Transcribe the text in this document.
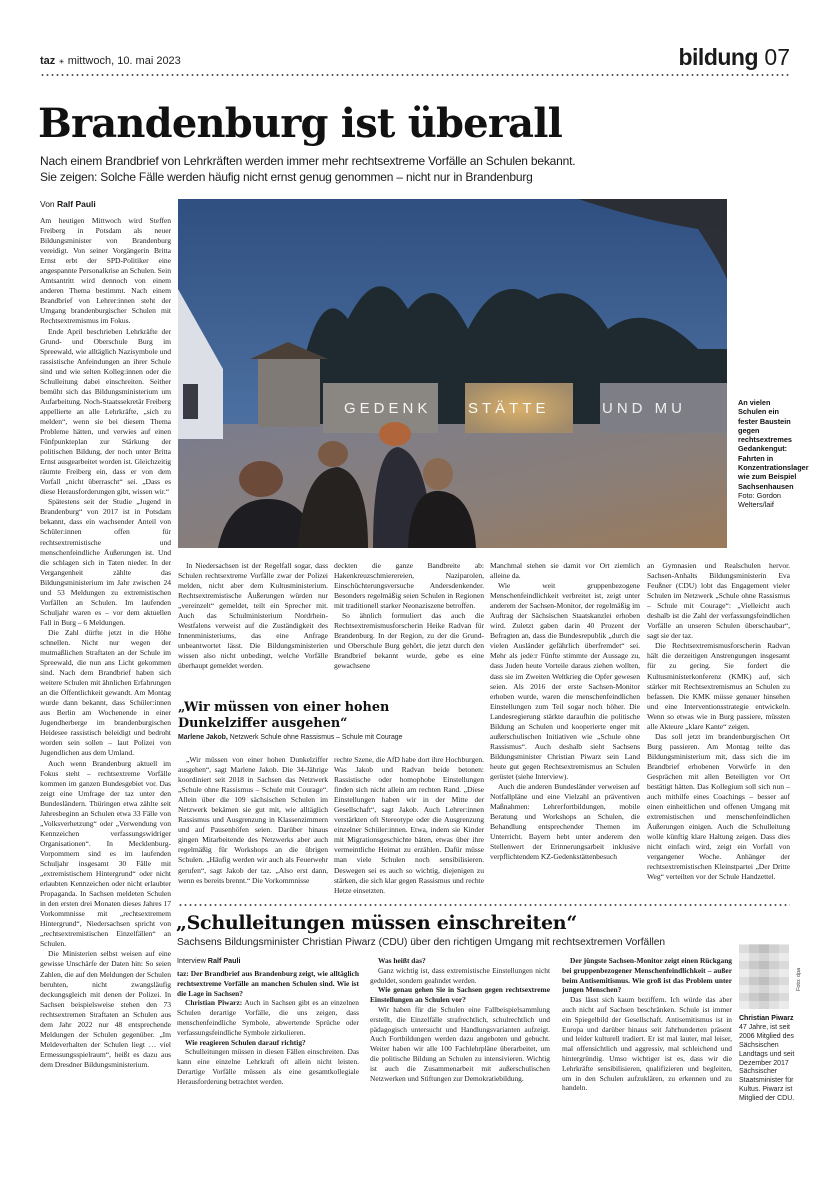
taz ☀ mittwoch, 10. mai 2023	bildung 07
Brandenburg ist überall
Nach einem Brandbrief von Lehrkräften werden immer mehr rechtsextreme Vorfälle an Schulen bekannt.
Sie zeigen: Solche Fälle werden häufig nicht ernst genug genommen – nicht nur in Brandenburg
Von Ralf Pauli

Am heutigen Mittwoch wird Steffen Freiberg in Potsdam als neuer Bildungsminister von Brandenburg vereidigt. Von seiner Vorgängerin Britta Ernst erbt der SPD-Politiker eine angespannte Personalkrise an Schulen. Sein Amtsantritt wird dennoch von einem anderen Thema bestimmt. Nach einem Brandbrief von Lehrer:innen steht der Umgang brandenburgischer Schulen mit Rechtsextremismus im Fokus.

Ende April beschrieben Lehrkräfte der Grund- und Oberschule Burg im Spreewald, wie alltäglich Nazisymbole und rassistische Anfeindungen an ihrer Schule sind und wie selten Kolleg:innen oder die Schulleitung dabei einschreiten. Seither bemüht sich das Bildungsministerium um Aufarbeitung. Noch-Staatssekretär Freiberg appellierte an alle Lehrkräfte, „sich zu melden“, wenn sie bei diesem Thema Probleme hätten, und verwies auf einen Fünfpunkteplan zur Stärkung der politischen Bildung, der noch unter Britta Ernst ausgearbeitet worden ist. Gleichzeitig räumte Freiberg ein, dass er von dem Vorfall „nicht überrascht“ sei. „Dass es diese Herausforderungen gibt, wissen wir.“

Spätestens seit der Studie „Jugend in Brandenburg“ von 2017 ist in Potsdam bekannt, dass ein wachsender Anteil von Schüler:innen offen für rechtsextremistische und menschenfeindliche Äußerungen ist. Und die schlagen sich in Taten nieder. In der Vergangenheit zählte das Bildungsministerium im Jahr zwischen 24 und 53 Meldungen zu extremistischen Vorfällen an Schulen. Im laufenden Schuljahr waren es – vor dem aktuellen Fall in Burg – 6 Meldungen.

Die Zahl dürfte jetzt in die Höhe schnellen. Nicht nur wegen der mutmaßlichen Straftaten an der Schule im Spreewald, die nun ans Licht gekommen sind. Nach dem Brandbrief haben sich weitere Schulen mit ähnlichen Erfahrungen an die Öffentlichkeit gewandt. Am Montag wurde dann bekannt, dass Schüler:innen aus Berlin am Wochenende in einer Jugendherberge im brandenburgischen Heidesee rassistisch beleidigt und bedroht worden sein sollen – laut Polizei von Jugendlichen aus dem Umland.

Auch wenn Brandenburg aktuell im Fokus steht – rechtsextreme Vorfälle kommen im ganzen Bundesgebiet vor. Das zeigt eine Umfrage der taz unter den Bundesländern. Thüringen etwa zählte seit Jahresbeginn an Schulen etwa 33 Fälle von „Volksverhetzung“ oder „Verwendung von Kennzeichen verfassungswidriger Organisationen“. In Mecklenburg-Vorpommern sind es im laufenden Schuljahr insgesamt 30 Fälle mit „extremistischem Hintergrund“ oder nicht erlaubten Kennzeichen oder nicht erlaubter Propaganda. In Sachsen meldeten Schulen in den ersten drei Monaten dieses Jahres 17 Vorkommnisse mit „rechtsextremem Hintergrund“, Niedersachsen spricht von „rechtsextremistischen Einzelfällen“ an Schulen.

Die Ministerien selbst weisen auf eine gewisse Unschärfe der Daten hin: So seien Zahlen, die auf den Meldungen der Schulen beruhten, nicht zwangsläufig deckungsgleich mit denen der Polizei. In Sachsen beispielsweise stehen den 73 rechtsextremen Straftaten an Schulen aus dem Jahr 2022 nur 48 entsprechende Meldungen der Schulen gegenüber. „Im Meldeverhalten der Schulen liegt … viel Ermessungsspielraum“, heißt es dazu aus dem Dresdner Bildungsministerium.

GEDENK STÄTTE	UND MU	An vielen Schulen ein fester Baustein gegen rechtsextremes Gedankengut: Fahrten in Konzentrationslager wie zum Beispiel Sachsenhausen
Foto: Gordon Welters/laif

In Niedersachsen ist der Regelfall sogar, dass Schulen rechtsextreme Vorfälle zwar der Polizei melden, nicht aber dem Kultusministerium. Rechtsextremistische Äußerungen würden nur „vereinzelt“ gemeldet, teilt ein Sprecher mit. Auch das Schulministerium Nordrhein-Westfalens verweist auf die Zuständigkeit des Innenministeriums, das eine Anfrage unbeantwortet lässt. Die Bildungsministerien wissen also nicht unbedingt, welche Vorfälle überhaupt gemeldet werden.

deckten die ganze Bandbreite ab: Hakenkreuzschmierereien, Naziparolen, Einschüchterungsversuche Andersdenkender. Besonders regelmäßig seien Schulen in Regionen mit traditionell starker Neonaziszene betroffen.

So ähnlich formuliert das auch die Rechtsextremismusforscherin Heike Radvan für Brandenburg. In der Region, zu der die Grund- und Oberschule Burg gehört, die jetzt durch den Brandbrief bekannt wurde, gebe es eine gewachsene

Manchmal stehen sie damit vor Ort ziemlich alleine da.

Wie weit gruppenbezogene Menschenfeindlichkeit verbreitet ist, zeigt unter anderem der Sachsen-Monitor, der regelmäßig im Auftrag der Sächsischen Staatskanzlei erhoben wird. Zuletzt gaben darin 40 Prozent der Befragten an, dass die Bundesrepublik „durch die vielen Ausländer gefährlich überfremdet“ sei. Mehr als jede:r Fünfte stimmte der Aussage zu, dass Juden heute Vorteile daraus ziehen wollten, dass sie im Zweiten Weltkrieg die Opfer gewesen seien. Als 2016 der erste Sachsen-Monitor erhoben wurde, waren die menschenfeindlichen Einstellungen zum Teil sogar noch höher. Die Landesregierung stärkte daraufhin die politische Bildung an Schulen und kooperierte enger mit außerschulischen Initiativen wie „Schule ohne Rassismus“. Auch deshalb sieht Sachsens Bildungsminister Christian Piwarz sein Land heute gut gegen Rechtsextremismus an Schulen gerüstet (siehe Interview).

Auch die anderen Bundesländer verweisen auf Notfallpläne und eine Vielzahl an präventiven Maßnahmen: Lehrerfortbildungen, mobile Beratung und Workshops an Schulen, die Behandlung entsprechender Themen im Unterricht. Bayern hebt unter anderem den Stellenwert der Erinnerungsarbeit inklusive verpflichtendem KZ-Gedenkstättenbesuch

an Gymnasien und Realschulen hervor. Sachsen-Anhalts Bildungsministerin Eva Feußner (CDU) lobt das Engagement vieler Schulen im Netzwerk „Schule ohne Rassismus – Schule mit Courage“: „Vielleicht auch deshalb ist die Zahl der verfassungsfeindlichen Vorfälle an unseren Schulen überschaubar“, sagt sie der taz.

Die Rechtsextremismusforscherin Radvan hält die derzeitigen Anstrengungen insgesamt für zu gering. Sie fordert die Kultusministerkonferenz (KMK) auf, sich stärker mit Rechtsextremismus an Schulen zu befassen. Die KMK müsse genauer hinsehen und eine Interventionsstrategie entwickeln. Wenn so etwas wie in Burg passiere, müssten alle Akteure „klare Kante“ zeigen.

Das soll jetzt im brandenburgischen Ort Burg passieren. Am Montag teilte das Bildungsministerium mit, dass sich die im Brandbrief erhobenen Vorwürfe in den Gesprächen mit allen Beteiligten vor Ort bestätigt hätten. Das Kollegium soll sich nun – auch mithilfe eines Coachings – besser auf einen einheitlichen und offenen Umgang mit extremistischen und menschenfeindlichen Äußerungen einigen. Auch die Schulleitung wolle künftig klare Haltung zeigen. Dass dies nicht einfach wird, zeigt ein Vorfall von vergangener Woche. Anhänger der rechtsextremistischen Kleinstpartei „Der Dritte Weg“ verteilten vor der Schule Handzettel.

„Wir müssen von einer hohen Dunkelziffer ausgehen“
Marlene Jakob, Netzwerk Schule ohne Rassismus – Schule mit Courage

„Wir müssen von einer hohen Dunkelziffer ausgehen“, sagt Marlene Jakob. Die 34-Jährige koordiniert seit 2018 in Sachsen das Netzwerk „Schule ohne Rassismus – Schule mit Courage“. Allein über die 109 sächsischen Schulen im Netzwerk bekämen sie gut mit, wie alltäglich Rassismus und Ausgrenzung in Klassenzimmern und auf Pausenhöfen seien. Darüber hinaus gingen Mitarbeitende des Netzwerks aber auch regelmäßig für Workshops an die übrigen Schulen. „Häufig werden wir auch als Feuerwehr gerufen“, sagt Jakob der taz. „Also erst dann, wenn es bereits brennt.“ Die Vorkommnisse

rechte Szene, die AfD habe dort ihre Hochburgen. Was Jakob und Radvan beide betonen: Rassistische oder homophobe Einstellungen finden sich nicht allein am rechten Rand. „Diese Einstellungen haben wir in der Mitte der Gesellschaft“, sagt Jakob. Auch Lehrer:innen verstärkten oft Stereotype oder die Ausgrenzung einzelner Schüler:innen. Etwa, indem sie Kinder mit Migrationsgeschichte bäten, etwas über ihre vermeintliche Heimat zu erzählen. Dafür müsse man viele Schulen noch sensibilisieren. Deswegen sei es auch so wichtig, diejenigen zu stärken, die sich klar gegen Rassismus und rechte Hetze einsetzten.

„Schulleitungen müssen einschreiten“
Sachsens Bildungsminister Christian Piwarz (CDU) über den richtigen Umgang mit rechtsextremen Vorfällen
Interview Ralf Pauli

taz: Der Brandbrief aus Brandenburg zeigt, wie alltäglich rechtsextreme Vorfälle an manchen Schulen sind. Wie ist die Lage in Sachsen?

Christian Piwarz: Auch in Sachsen gibt es an einzelnen Schulen derartige Vorfälle, die uns zeigen, dass menschenfeindliche Symbole, abwertende Sprüche oder verfassungsfeindliche Symbole zirkulieren.

Wie reagieren Schulen darauf richtig?

Schulleitungen müssen in diesen Fällen einschreiten. Das kann eine einzelne Lehrkraft oft allein nicht leisten. Derartige Vorfälle müssen als eine gesamtkollegiale Herausforderung betrachtet werden.

Was heißt das?

Ganz wichtig ist, dass extremistische Einstellungen nicht geduldet, sondern geahndet werden.

Wie genau gehen Sie in Sachsen gegen rechtsextreme Einstellungen an Schulen vor?

Wir haben für die Schulen eine Fallbeispielsammlung erstellt, die Einzelfälle strafrechtlich, schulrechtlich und pädagogisch untersucht und Handlungsvarianten aufzeigt. Auch Fortbildungen werden dazu angeboten und gebucht. Weiter haben wir alle 100 Fachlehrpläne überarbeitet, um die politische Bildung an Schulen zu intensivieren. Wichtig ist auch die Zusammenarbeit mit außerschulischen Netzwerken und Stiftungen zur Demokratiebildung.

Der jüngste Sachsen-Monitor zeigt einen Rückgang bei gruppenbezogener Menschenfeindlichkeit – außer beim Antisemitismus. Wie groß ist das Problem unter jungen Menschen?

Das lässt sich kaum beziffern. Ich würde das aber auch nicht auf Sachsen beschränken. Schule ist immer ein Spiegelbild der Gesellschaft. Antisemitismus ist in Europa und darüber hinaus seit Jahrhunderten präsent und leider kulturell tradiert. Er ist mal lauter, mal leiser, mal offensichtlich und aggressiv, mal schleichend und hintergründig. Umso wichtiger ist es, dass wir die Lehrkräfte sensibilisieren, qualifizieren und begleiten, um in den Schulen aufzuklären, zu erkennen und zu handeln.

Foto: dpa
Christian Piwarz
47 Jahre, ist seit 2006 Mitglied des Sächsischen Landtags und seit Dezember 2017 Sächsischer Staatsminister für Kultus. Piwarz ist Mitglied der CDU.
